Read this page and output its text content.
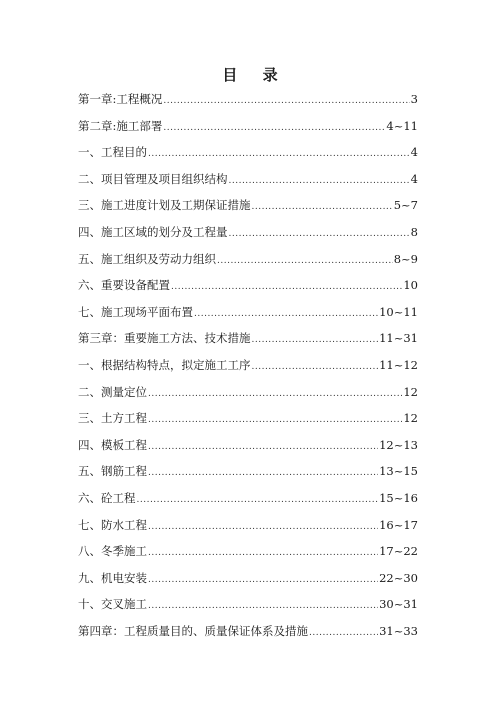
目 录
第一章:工程概况 .....	3
第二章:施工部署 .....	4~11
一、工程目的 .....	4
二、项目管理及项目组织结构 .....	4
三、施工进度计划及工期保证措施 .....	5~7
四、施工区域的划分及工程量 .....	8
五、施工组织及劳动力组织 .....	8~9
六、重要设备配置 .....	10
七、施工现场平面布置 .....	10~11
第三章：重要施工方法、技术措施 .....	11~31
一、根据结构特点，拟定施工工序 .....	11~12
二、测量定位 .....	12
三、土方工程 .....	12
四、模板工程 .....	12~13
五、钢筋工程 .....	13~15
六、砼工程 .....	15~16
七、防水工程 .....	16~17
八、冬季施工 .....	17~22
九、机电安装 .....	22~30
十、交叉施工 .....	30~31
第四章：工程质量目的、质量保证体系及措施 .....	31~33
